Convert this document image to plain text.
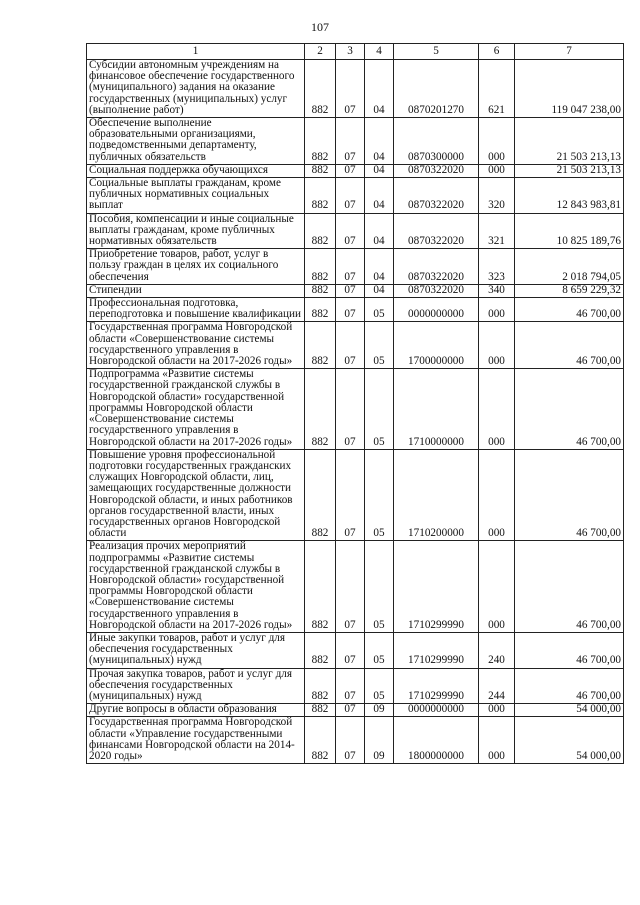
107
1	2	3	4	5	6	7
Субсидии автономным учреждениям на финансовое обеспечение государственного (муниципального) задания на оказание государственных (муниципальных) услуг (выполнение работ)	882	07	04	0870201270	621	119 047 238,00
Обеспечение выполнение образовательными организациями, подведомственными департаменту, публичных обязательств	882	07	04	0870300000	000	21 503 213,13
Социальная поддержка обучающихся	882	07	04	0870322020	000	21 503 213,13
Социальные выплаты гражданам, кроме публичных нормативных социальных выплат	882	07	04	0870322020	320	12 843 983,81
Пособия, компенсации и иные социальные выплаты гражданам, кроме публичных нормативных обязательств	882	07	04	0870322020	321	10 825 189,76
Приобретение товаров, работ, услуг в пользу граждан в целях их социального обеспечения	882	07	04	0870322020	323	2 018 794,05
Стипендии	882	07	04	0870322020	340	8 659 229,32
Профессиональная подготовка, переподготовка и повышение квалификации	882	07	05	0000000000	000	46 700,00
Государственная программа Новгородской области «Совершенствование системы государственного управления в Новгородской области на 2017-2026 годы»	882	07	05	1700000000	000	46 700,00
Подпрограмма «Развитие системы государственной гражданской службы в Новгородской области» государственной программы Новгородской области «Совершенствование системы государственного управления в Новгородской области на 2017-2026 годы»	882	07	05	1710000000	000	46 700,00
Повышение уровня профессиональной подготовки государственных гражданских служащих Новгородской области, лиц, замещающих государственные должности Новгородской области, и иных работников органов государственной власти, иных государственных органов Новгородской области	882	07	05	1710200000	000	46 700,00
Реализация прочих мероприятий подпрограммы «Развитие системы государственной гражданской службы в Новгородской области» государственной программы Новгородской области «Совершенствование системы государственного управления в Новгородской области на 2017-2026 годы»	882	07	05	1710299990	000	46 700,00
Иные закупки товаров, работ и услуг для обеспечения государственных (муниципальных) нужд	882	07	05	1710299990	240	46 700,00
Прочая закупка товаров, работ и услуг для обеспечения государственных (муниципальных) нужд	882	07	05	1710299990	244	46 700,00
Другие вопросы в области образования	882	07	09	0000000000	000	54 000,00
Государственная программа Новгородской области «Управление государственными финансами Новгородской области на 2014-2020 годы»	882	07	09	1800000000	000	54 000,00
